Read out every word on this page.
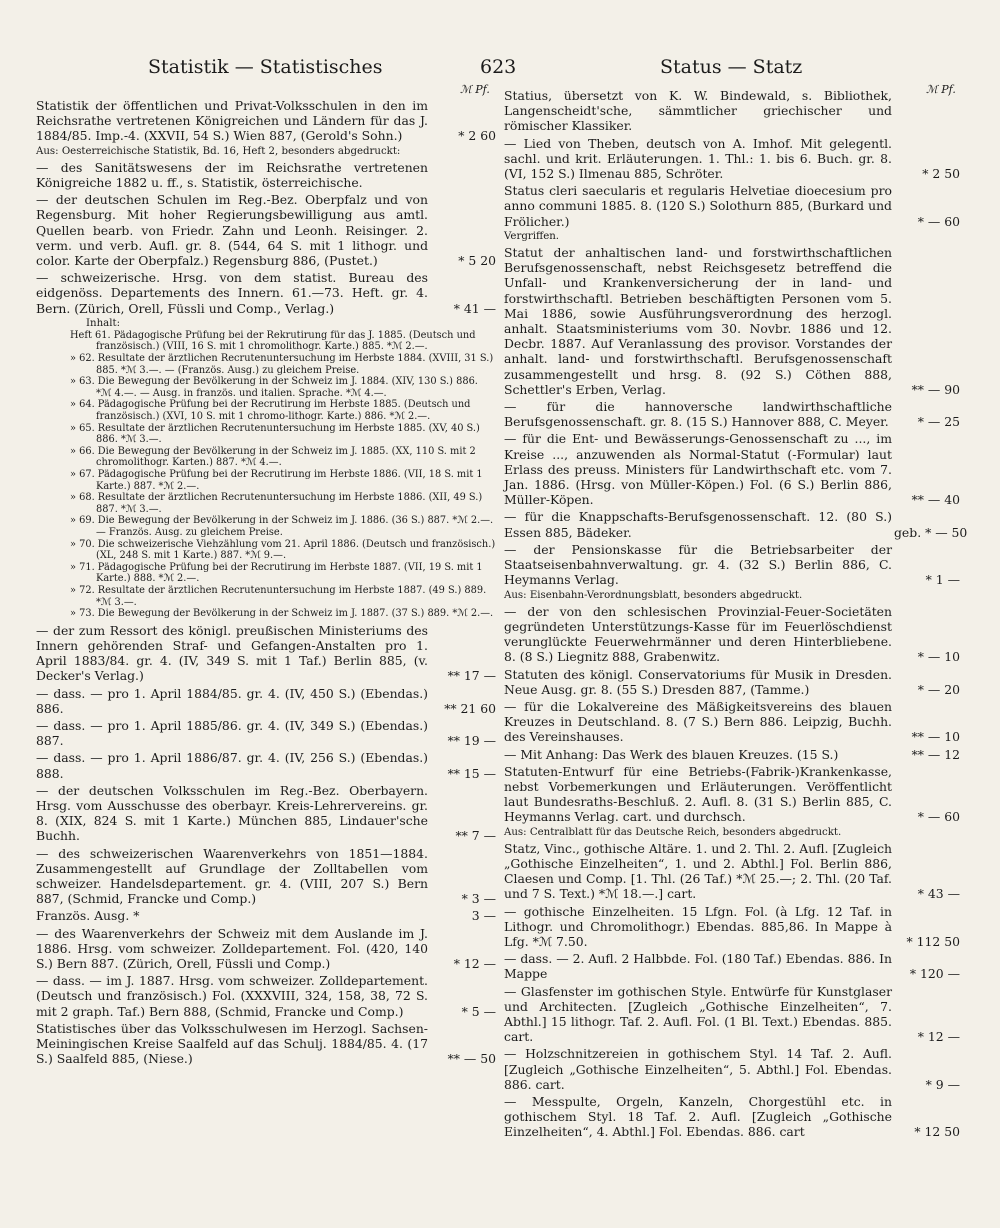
Statistik — Statistisches	623	Status — Statz
ℳ Pf.
Statistik der öffentlichen und Privat-Volksschulen in den im Reichsrathe vertretenen Königreichen und Ländern für das J. 1884/85. Imp.-4. (XXVII, 54 S.) Wien 887, (Gerold's Sohn.)	* 2 60
Aus: Oesterreichische Statistik, Bd. 16, Heft 2, besonders abgedruckt:
— des Sanitätswesens der im Reichsrathe vertretenen Königreiche 1882 u. ff., s. Statistik, österreichische.
— der deutschen Schulen im Reg.-Bez. Oberpfalz und von Regensburg. Mit hoher Regierungsbewilligung aus amtl. Quellen bearb. von Friedr. Zahn und Leonh. Reisinger. 2. verm. und verb. Aufl. gr. 8. (544, 64 S. mit 1 lithogr. und color. Karte der Oberpfalz.) Regensburg 886, (Pustet.)	* 5 20
— schweizerische. Hrsg. von dem statist. Bureau des eidgenöss. Departements des Innern. 61.—73. Heft. gr. 4. Bern. (Zürich, Orell, Füssli und Comp., Verlag.)	* 41 —
Inhalt:
Heft 61. Pädagogische Prüfung bei der Rekrutirung für das J. 1885. (Deutsch und französisch.) (VIII, 16 S. mit 1 chromolithogr. Karte.) 885. *ℳ 2.—.
» 62. Resultate der ärztlichen Recrutenuntersuchung im Herbste 1884. (XVIII, 31 S.) 885. *ℳ 3.—. — (Französ. Ausg.) zu gleichem Preise.
» 63. Die Bewegung der Bevölkerung in der Schweiz im J. 1884. (XIV, 130 S.) 886. *ℳ 4.—. — Ausg. in französ. und italien. Sprache. *ℳ 4.—.
» 64. Pädagogische Prüfung bei der Recrutirung im Herbste 1885. (Deutsch und französisch.) (XVI, 10 S. mit 1 chromo-lithogr. Karte.) 886. *ℳ 2.—.
» 65. Resultate der ärztlichen Recrutenuntersuchung im Herbste 1885. (XV, 40 S.) 886. *ℳ 3.—.
» 66. Die Bewegung der Bevölkerung in der Schweiz im J. 1885. (XX, 110 S. mit 2 chromolithogr. Karten.) 887. *ℳ 4.—.
» 67. Pädagogische Prüfung bei der Recrutirung im Herbste 1886. (VII, 18 S. mit 1 Karte.) 887. *ℳ 2.—.
» 68. Resultate der ärztlichen Recrutenuntersuchung im Herbste 1886. (XII, 49 S.) 887. *ℳ 3.—.
» 69. Die Bewegung der Bevölkerung in der Schweiz im J. 1886. (36 S.) 887. *ℳ 2.—. — Französ. Ausg. zu gleichem Preise.
» 70. Die schweizerische Viehzählung vom 21. April 1886. (Deutsch und französisch.) (XL, 248 S. mit 1 Karte.) 887. *ℳ 9.—.
» 71. Pädagogische Prüfung bei der Recrutirung im Herbste 1887. (VII, 19 S. mit 1 Karte.) 888. *ℳ 2.—.
» 72. Resultate der ärztlichen Recrutenuntersuchung im Herbste 1887. (49 S.) 889. *ℳ 3.—.
» 73. Die Bewegung der Bevölkerung in der Schweiz im J. 1887. (37 S.) 889. *ℳ 2.—.
— der zum Ressort des königl. preußischen Ministeriums des Innern gehörenden Straf- und Gefangen-Anstalten pro 1. April 1883/84. gr. 4. (IV, 349 S. mit 1 Taf.) Berlin 885, (v. Decker's Verlag.)	** 17 —
— dass. — pro 1. April 1884/85. gr. 4. (IV, 450 S.) (Ebendas.) 886.	** 21 60
— dass. — pro 1. April 1885/86. gr. 4. (IV, 349 S.) (Ebendas.) 887.	** 19 —
— dass. — pro 1. April 1886/87. gr. 4. (IV, 256 S.) (Ebendas.) 888.	** 15 —
— der deutschen Volksschulen im Reg.-Bez. Oberbayern. Hrsg. vom Ausschusse des oberbayr. Kreis-Lehrervereins. gr. 8. (XIX, 824 S. mit 1 Karte.) München 885, Lindauer'sche Buchh.	** 7 —
— des schweizerischen Waarenverkehrs von 1851—1884. Zusammengestellt auf Grundlage der Zolltabellen vom schweizer. Handelsdepartement. gr. 4. (VIII, 207 S.) Bern 887, (Schmid, Francke und Comp.)	* 3 —
Französ. Ausg. *	3 —
— des Waarenverkehrs der Schweiz mit dem Auslande im J. 1886. Hrsg. vom schweizer. Zolldepartement. Fol. (420, 140 S.) Bern 887. (Zürich, Orell, Füssli und Comp.)	* 12 —
— dass. — im J. 1887. Hrsg. vom schweizer. Zolldepartement. (Deutsch und französisch.) Fol. (XXXVIII, 324, 158, 38, 72 S. mit 2 graph. Taf.) Bern 888, (Schmid, Francke und Comp.)	* 5 —
Statistisches über das Volksschulwesen im Herzogl. Sachsen-Meiningischen Kreise Saalfeld auf das Schulj. 1884/85. 4. (17 S.) Saalfeld 885, (Niese.)	** — 50
ℳ Pf.
Statius, übersetzt von K. W. Bindewald, s. Bibliothek, Langenscheidt'sche, sämmtlicher griechischer und römischer Klassiker.
— Lied von Theben, deutsch von A. Imhof. Mit gelegentl. sachl. und krit. Erläuterungen. 1. Thl.: 1. bis 6. Buch. gr. 8. (VI, 152 S.) Ilmenau 885, Schröter.	* 2 50
Status cleri saecularis et regularis Helvetiae dioecesium pro anno communi 1885. 8. (120 S.) Solothurn 885, (Burkard und Frölicher.)	* — 60
Vergriffen.
Statut der anhaltischen land- und forstwirthschaftlichen Berufsgenossenschaft, nebst Reichsgesetz betreffend die Unfall- und Krankenversicherung der in land- und forstwirthschaftl. Betrieben beschäftigten Personen vom 5. Mai 1886, sowie Ausführungsverordnung des herzogl. anhalt. Staatsministeriums vom 30. Novbr. 1886 und 12. Decbr. 1887. Auf Veranlassung des provisor. Vorstandes der anhalt. land- und forstwirthschaftl. Berufsgenossenschaft zusammengestellt und hrsg. 8. (92 S.) Cöthen 888, Schettler's Erben, Verlag.	** — 90
— für die hannoversche landwirthschaftliche Berufsgenossenschaft. gr. 8. (15 S.) Hannover 888, C. Meyer.	* — 25
— für die Ent- und Bewässerungs-Genossenschaft zu ..., im Kreise ..., anzuwenden als Normal-Statut (-Formular) laut Erlass des preuss. Ministers für Landwirthschaft etc. vom 7. Jan. 1886. (Hrsg. von Müller-Köpen.) Fol. (6 S.) Berlin 886, Müller-Köpen.	** — 40
— für die Knappschafts-Berufsgenossenschaft. 12. (80 S.) Essen 885, Bädeker.	geb. * — 50
— der Pensionskasse für die Betriebsarbeiter der Staatseisenbahnverwaltung. gr. 4. (32 S.) Berlin 886, C. Heymanns Verlag.	* 1 —
Aus: Eisenbahn-Verordnungsblatt, besonders abgedruckt.
— der von den schlesischen Provinzial-Feuer-Societäten gegründeten Unterstützungs-Kasse für im Feuerlöschdienst verunglückte Feuerwehrmänner und deren Hinterbliebene. 8. (8 S.) Liegnitz 888, Grabenwitz.	* — 10
Statuten des königl. Conservatoriums für Musik in Dresden. Neue Ausg. gr. 8. (55 S.) Dresden 887, (Tamme.)	* — 20
— für die Lokalvereine des Mäßigkeitsvereins des blauen Kreuzes in Deutschland. 8. (7 S.) Bern 886. Leipzig, Buchh. des Vereinshauses.	** — 10
— Mit Anhang: Das Werk des blauen Kreuzes. (15 S.)	** — 12
Statuten-Entwurf für eine Betriebs-(Fabrik-)Krankenkasse, nebst Vorbemerkungen und Erläuterungen. Veröffentlicht laut Bundesraths-Beschluß. 2. Aufl. 8. (31 S.) Berlin 885, C. Heymanns Verlag. cart. und durchsch.	* — 60
Aus: Centralblatt für das Deutsche Reich, besonders abgedruckt.
Statz, Vinc., gothische Altäre. 1. und 2. Thl. 2. Aufl. [Zugleich „Gothische Einzelheiten“, 1. und 2. Abthl.] Fol. Berlin 886, Claesen und Comp. [1. Thl. (26 Taf.) *ℳ 25.—; 2. Thl. (20 Taf. und 7 S. Text.) *ℳ 18.—.] cart.	* 43 —
— gothische Einzelheiten. 15 Lfgn. Fol. (à Lfg. 12 Taf. in Lithogr. und Chromolithogr.) Ebendas. 885,86. In Mappe à Lfg. *ℳ 7.50.	* 112 50
— dass. — 2. Aufl. 2 Halbbde. Fol. (180 Taf.) Ebendas. 886. In Mappe	* 120 —
— Glasfenster im gothischen Style. Entwürfe für Kunstglaser und Architecten. [Zugleich „Gothische Einzelheiten“, 7. Abthl.] 15 lithogr. Taf. 2. Aufl. Fol. (1 Bl. Text.) Ebendas. 885. cart.	* 12 —
— Holzschnitzereien in gothischem Styl. 14 Taf. 2. Aufl. [Zugleich „Gothische Einzelheiten“, 5. Abthl.] Fol. Ebendas. 886. cart.	* 9 —
— Messpulte, Orgeln, Kanzeln, Chorgestühl etc. in gothischem Styl. 18 Taf. 2. Aufl. [Zugleich „Gothische Einzelheiten“, 4. Abthl.] Fol. Ebendas. 886. cart	* 12 50
